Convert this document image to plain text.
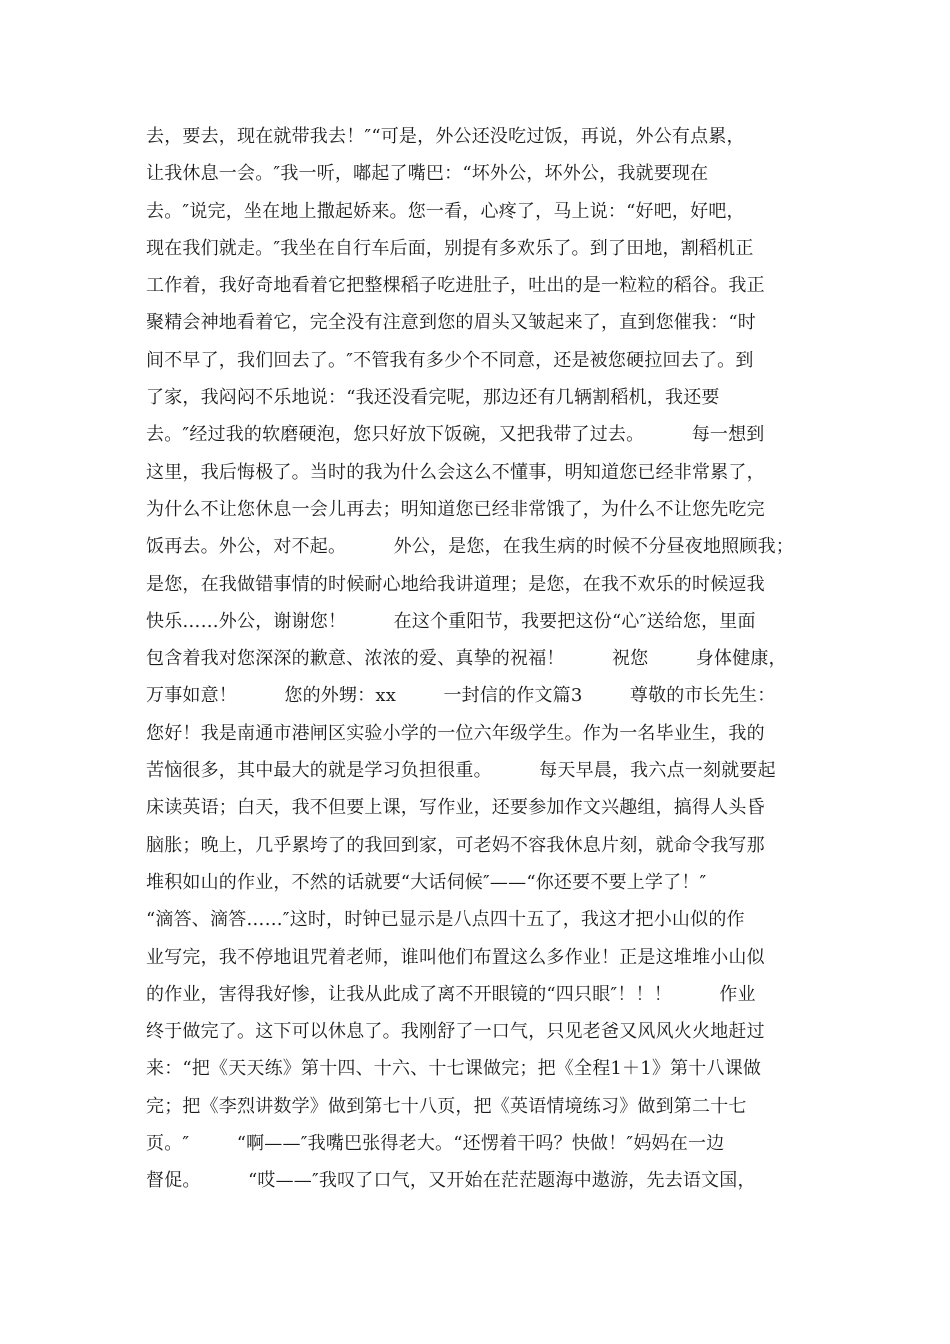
去，要去，现在就带我去！″“可是，外公还没吃过饭，再说，外公有点累，
让我休息一会。″我一听，嘟起了嘴巴：“坏外公，坏外公，我就要现在
去。″说完，坐在地上撒起娇来。您一看，心疼了，马上说：“好吧，好吧，
现在我们就走。″我坐在自行车后面，别提有多欢乐了。到了田地，割稻机正
工作着，我好奇地看着它把整棵稻子吃进肚子，吐出的是一粒粒的稻谷。我正
聚精会神地看着它，完全没有注意到您的眉头又皱起来了，直到您催我：“时
间不早了，我们回去了。″不管我有多少个不同意，还是被您硬拉回去了。到
了家，我闷闷不乐地说：“我还没看完呢，那边还有几辆割稻机，我还要
去。″经过我的软磨硬泡，您只好放下饭碗，又把我带了过去。        每一想到
这里，我后悔极了。当时的我为什么会这么不懂事，明知道您已经非常累了，
为什么不让您休息一会儿再去；明知道您已经非常饿了，为什么不让您先吃完
饭再去。外公，对不起。        外公，是您，在我生病的时候不分昼夜地照顾我；
是您，在我做错事情的时候耐心地给我讲道理；是您，在我不欢乐的时候逗我
快乐……外公，谢谢您！        在这个重阳节，我要把这份“心″送给您，里面
包含着我对您深深的歉意、浓浓的爱、真挚的祝福！        祝您        身体健康，
万事如意！        您的外甥：xx        一封信的作文篇3        尊敬的市长先生：
您好！我是南通市港闸区实验小学的一位六年级学生。作为一名毕业生，我的
苦恼很多，其中最大的就是学习负担很重。        每天早晨，我六点一刻就要起
床读英语；白天，我不但要上课，写作业，还要参加作文兴趣组，搞得人头昏
脑胀；晚上，几乎累垮了的我回到家，可老妈不容我休息片刻，就命令我写那
堆积如山的作业，不然的话就要“大话伺候″——“你还要不要上学了！″
“滴答、滴答……″这时，时钟已显示是八点四十五了，我这才把小山似的作
业写完，我不停地诅咒着老师，谁叫他们布置这么多作业！正是这堆堆小山似
的作业，害得我好惨，让我从此成了离不开眼镜的“四只眼″！！！        作业
终于做完了。这下可以休息了。我刚舒了一口气，只见老爸又风风火火地赶过
来：“把《天天练》第十四、十六、十七课做完；把《全程1＋1》第十八课做
完；把《李烈讲数学》做到第七十八页，把《英语情境练习》做到第二十七
页。″        “啊——″我嘴巴张得老大。“还愣着干吗？快做！″妈妈在一边
督促。        “哎——″我叹了口气，又开始在茫茫题海中遨游，先去语文国，
